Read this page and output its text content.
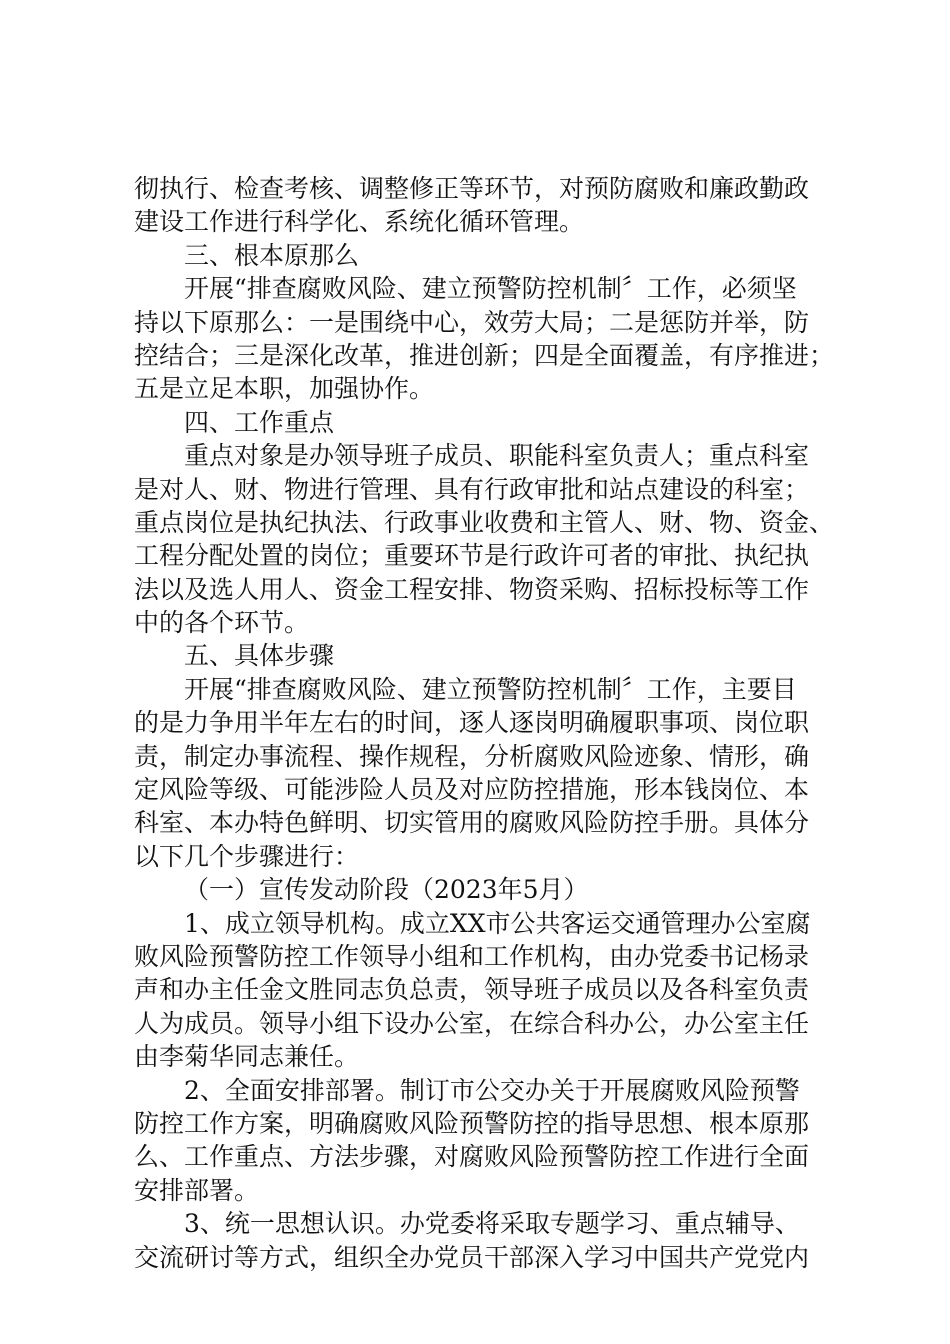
彻执行、检查考核、调整修正等环节，对预防腐败和廉政勤政
建设工作进行科学化、系统化循环管理。
三、根本原那么
开展“排查腐败风险、建立预警防控机制〞工作，必须坚
持以下原那么：一是围绕中心，效劳大局；二是惩防并举，防
控结合；三是深化改革，推进创新；四是全面覆盖，有序推进；
五是立足本职，加强协作。
四、工作重点
重点对象是办领导班子成员、职能科室负责人；重点科室
是对人、财、物进行管理、具有行政审批和站点建设的科室；
重点岗位是执纪执法、行政事业收费和主管人、财、物、资金、
工程分配处置的岗位；重要环节是行政许可者的审批、执纪执
法以及选人用人、资金工程安排、物资采购、招标投标等工作
中的各个环节。
五、具体步骤
开展“排查腐败风险、建立预警防控机制〞工作，主要目
的是力争用半年左右的时间，逐人逐岗明确履职事项、岗位职
责，制定办事流程、操作规程，分析腐败风险迹象、情形，确
定风险等级、可能涉险人员及对应防控措施，形本钱岗位、本
科室、本办特色鲜明、切实管用的腐败风险防控手册。具体分
以下几个步骤进行：
（一）宣传发动阶段（2023年5月）
1、成立领导机构。成立XX市公共客运交通管理办公室腐
败风险预警防控工作领导小组和工作机构，由办党委书记杨录
声和办主任金文胜同志负总责，领导班子成员以及各科室负责
人为成员。领导小组下设办公室，在综合科办公，办公室主任
由李菊华同志兼任。
2、全面安排部署。制订市公交办关于开展腐败风险预警
防控工作方案，明确腐败风险预警防控的指导思想、根本原那
么、工作重点、方法步骤，对腐败风险预警防控工作进行全面
安排部署。
3、统一思想认识。办党委将采取专题学习、重点辅导、
交流研讨等方式，组织全办党员干部深入学习中国共产党党内
